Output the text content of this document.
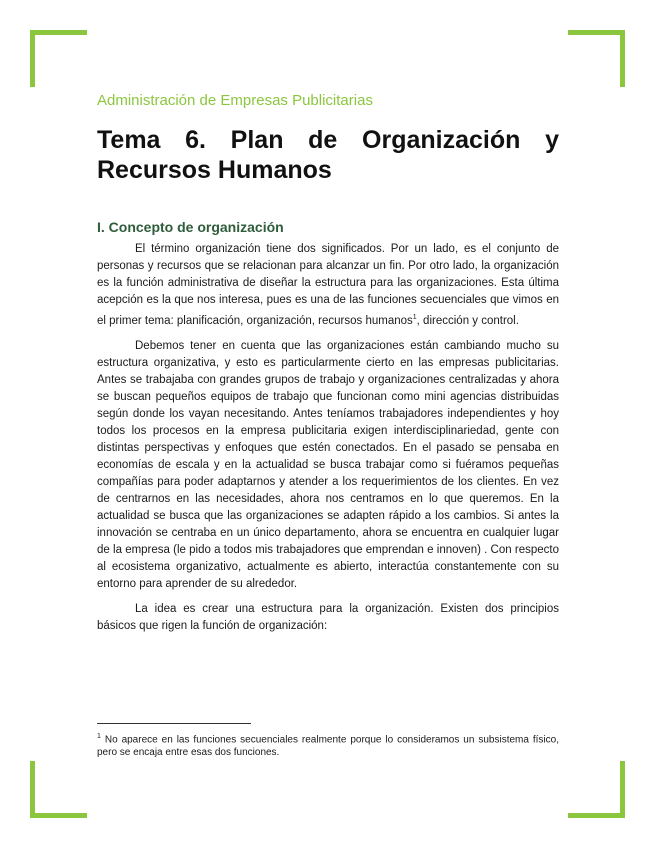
Administración de Empresas Publicitarias
Tema 6. Plan de Organización y Recursos Humanos
I. Concepto de organización

El término organización tiene dos significados. Por un lado, es el conjunto de personas y recursos que se relacionan para alcanzar un fin. Por otro lado, la organización es la función administrativa de diseñar la estructura para las organizaciones. Esta última acepción es la que nos interesa, pues es una de las funciones secuenciales que vimos en el primer tema: planificación, organización, recursos humanos$^1$, dirección y control.

Debemos tener en cuenta que las organizaciones están cambiando mucho su estructura organizativa, y esto es particularmente cierto en las empresas publicitarias. Antes se trabajaba con grandes grupos de trabajo y organizaciones centralizadas y ahora se buscan pequeños equipos de trabajo que funcionan como mini agencias distribuidas según donde los vayan necesitando. Antes teníamos trabajadores independientes y hoy todos los procesos en la empresa publicitaria exigen interdisciplinariedad, gente con distintas perspectivas y enfoques que estén conectados. En el pasado se pensaba en economías de escala y en la actualidad se busca trabajar como si fuéramos pequeñas compañías para poder adaptarnos y atender a los requerimientos de los clientes. En vez de centrarnos en las necesidades, ahora nos centramos en lo que queremos. En la actualidad se busca que las organizaciones se adapten rápido a los cambios. Si antes la innovación se centraba en un único departamento, ahora se encuentra en cualquier lugar de la empresa (le pido a todos mis trabajadores que emprendan e innoven) . Con respecto al ecosistema organizativo, actualmente es abierto, interactúa constantemente con su entorno para aprender de su alrededor.

La idea es crear una estructura para la organización. Existen dos principios básicos que rigen la función de organización:

$^1$ No aparece en las funciones secuenciales realmente porque lo consideramos un subsistema físico, pero se encaja entre esas dos funciones.
